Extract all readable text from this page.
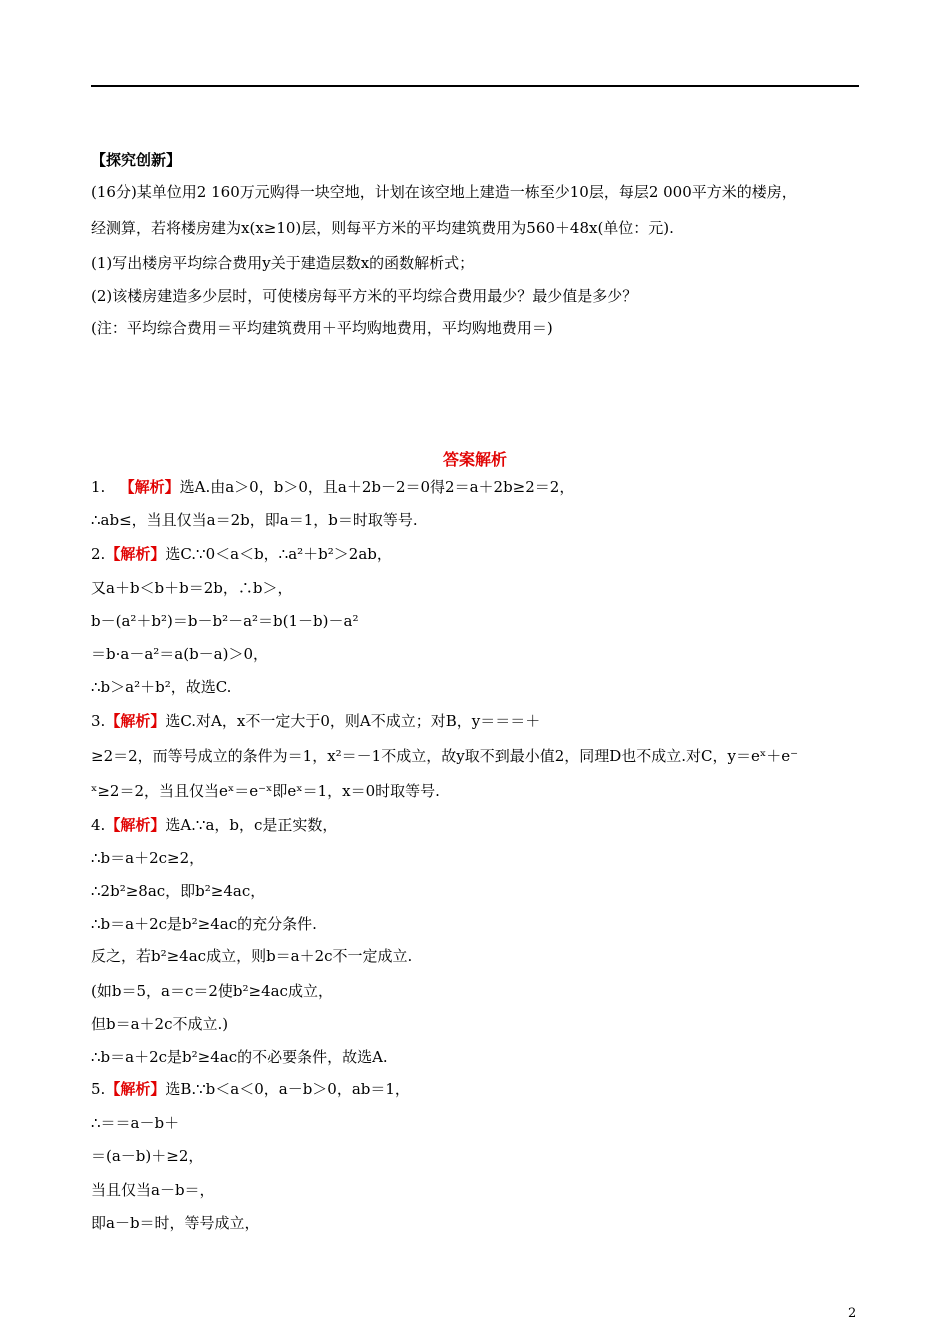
【探究创新】
(16分)某单位用2 160万元购得一块空地，计划在该空地上建造一栋至少10层，每层2 000平方米的楼房，
经测算，若将楼房建为x(x≥10)层，则每平方米的平均建筑费用为560＋48x(单位：元).
(1)写出楼房平均综合费用y关于建造层数x的函数解析式；
(2)该楼房建造多少层时，可使楼房每平方米的平均综合费用最少？最少值是多少？
(注：平均综合费用＝平均建筑费用＋平均购地费用，平均购地费用＝)
答案解析
1. 【解析】选A.由a＞0，b＞0，且a＋2b－2＝0得2＝a＋2b≥2＝2，
∴ab≤，当且仅当a＝2b，即a＝1，b＝时取等号.
2.【解析】选C.∵0＜a＜b，∴a²＋b²＞2ab，
又a＋b＜b＋b＝2b，∴b＞，
b－(a²＋b²)＝b－b²－a²＝b(1－b)－a²
＝b·a－a²＝a(b－a)＞0，
∴b＞a²＋b²，故选C.
3.【解析】选C.对A，x不一定大于0，则A不成立；对B，y＝＝＝＋
≥2＝2，而等号成立的条件为＝1，x²＝－1不成立，故y取不到最小值2，同理D也不成立.对C，y＝eˣ＋e⁻
ˣ≥2＝2，当且仅当eˣ＝e⁻ˣ即eˣ＝1，x＝0时取等号.
4.【解析】选A.∵a，b，c是正实数，
∴b＝a＋2c≥2，
∴2b²≥8ac，即b²≥4ac，
∴b＝a＋2c是b²≥4ac的充分条件.
反之，若b²≥4ac成立，则b＝a＋2c不一定成立.
(如b＝5，a＝c＝2使b²≥4ac成立，
但b＝a＋2c不成立.)
∴b＝a＋2c是b²≥4ac的不必要条件，故选A.
5.【解析】选B.∵b＜a＜0，a－b＞0，ab＝1，
∴＝＝a－b＋
＝(a－b)＋≥2，
当且仅当a－b＝，
即a－b＝时，等号成立，
2
